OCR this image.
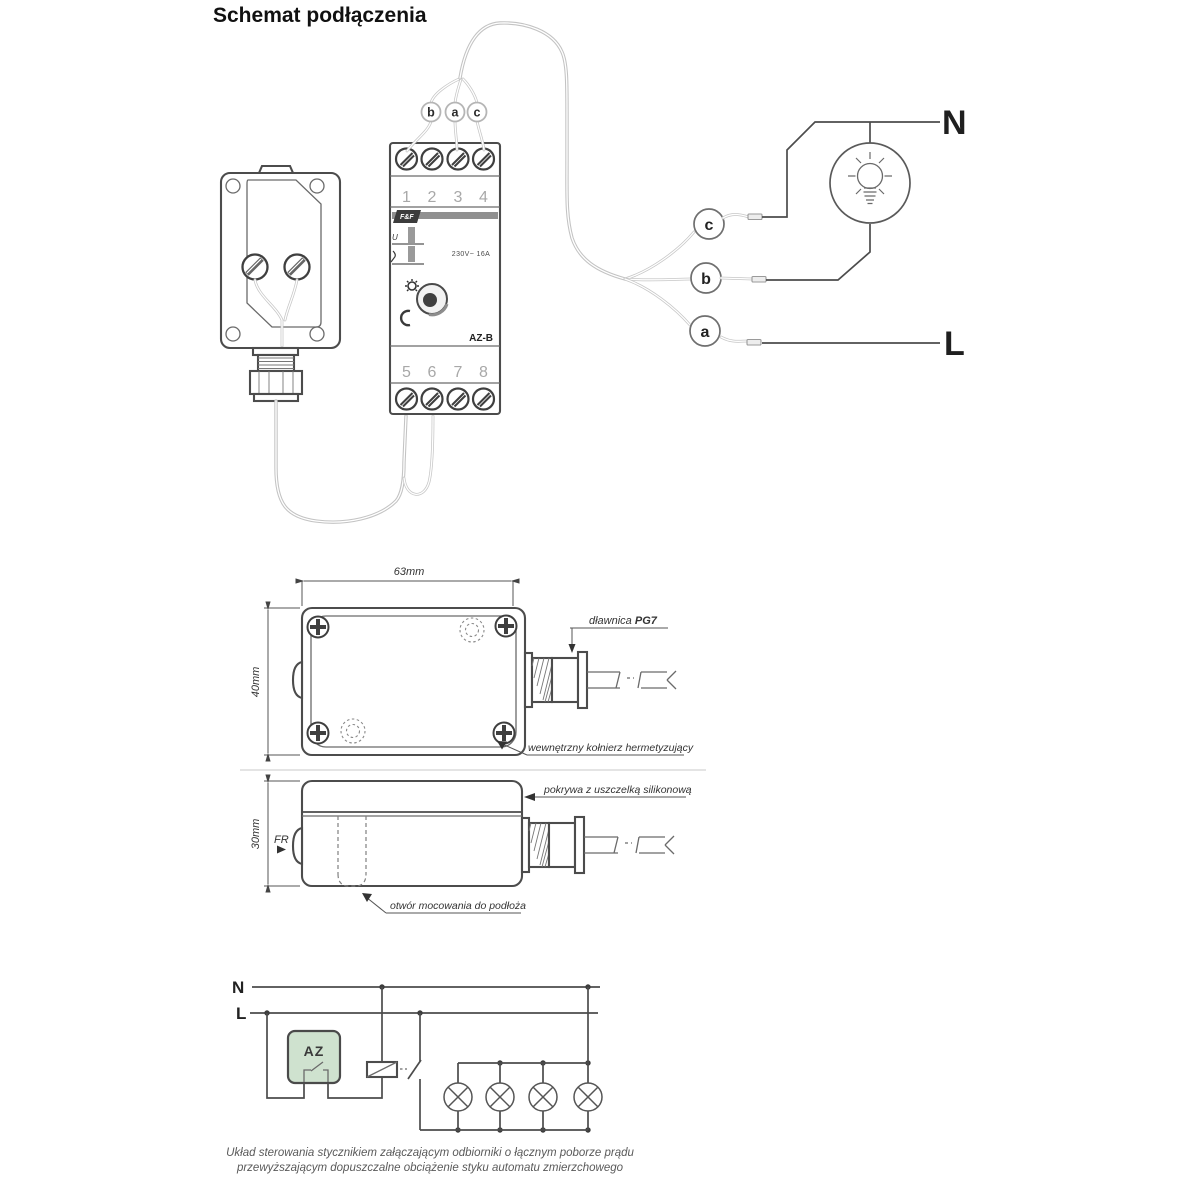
Schemat podłączenia
1 2 3 4
F&F
U
230V~ 16A
AZ-B
5 6 7 8
b a c
c
b
a
N
L
63mm
40mm
dławnica PG7
wewnętrzny kołnierz hermetyzujący
30mm FR
pokrywa z uszczelką silikonową
otwór mocowania do podłoża
N
L
AZ
Układ sterowania stycznikiem załączającym odbiorniki o łącznym poborze prądu
przewyższającym dopuszczalne obciążenie styku automatu zmierzchowego
